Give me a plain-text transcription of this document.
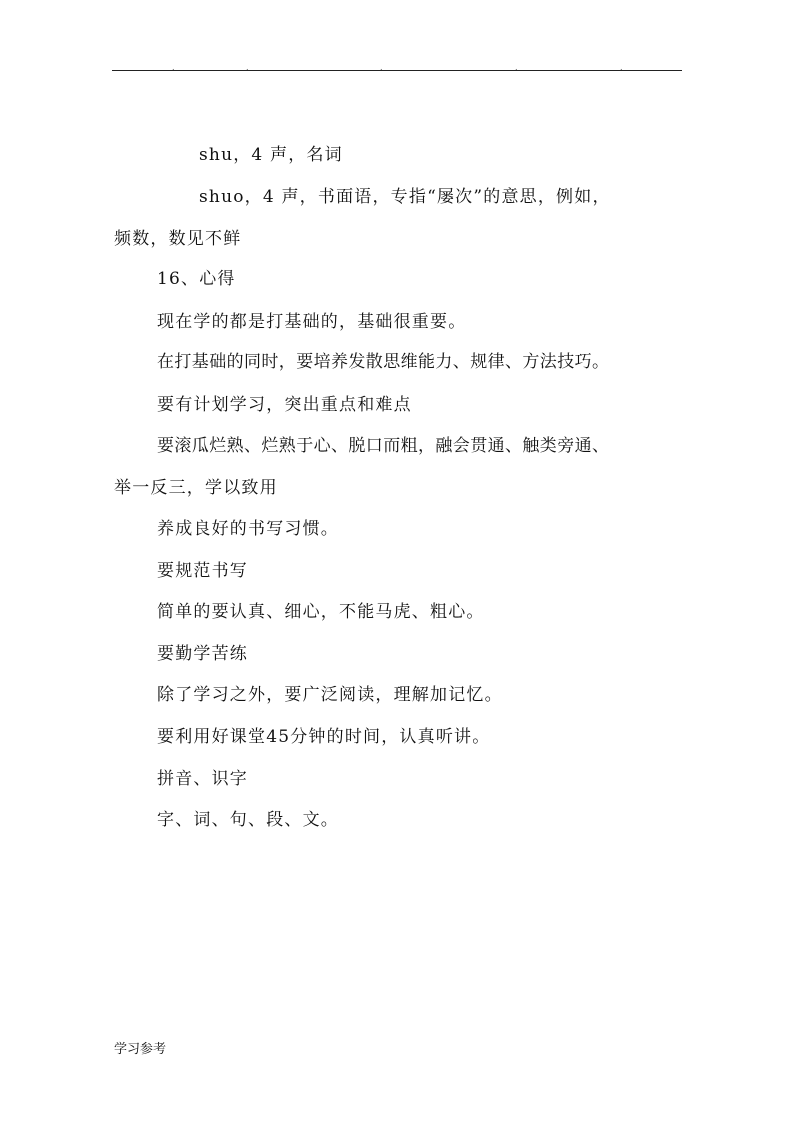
.	.	.	.	.
shu，4 声，名词
shuo，4 声，书面语，专指“屡次”的意思，例如，
频数，数见不鲜
16、心得
现在学的都是打基础的，基础很重要。
在打基础的同时，要培养发散思维能力、规律、方法技巧。
要有计划学习，突出重点和难点
要滚瓜烂熟、烂熟于心、脱口而粗，融会贯通、触类旁通、
举一反三，学以致用
养成良好的书写习惯。
要规范书写
简单的要认真、细心，不能马虎、粗心。
要勤学苦练
除了学习之外，要广泛阅读，理解加记忆。
要利用好课堂45分钟的时间，认真听讲。
拼音、识字
字、词、句、段、文。
学习参考
